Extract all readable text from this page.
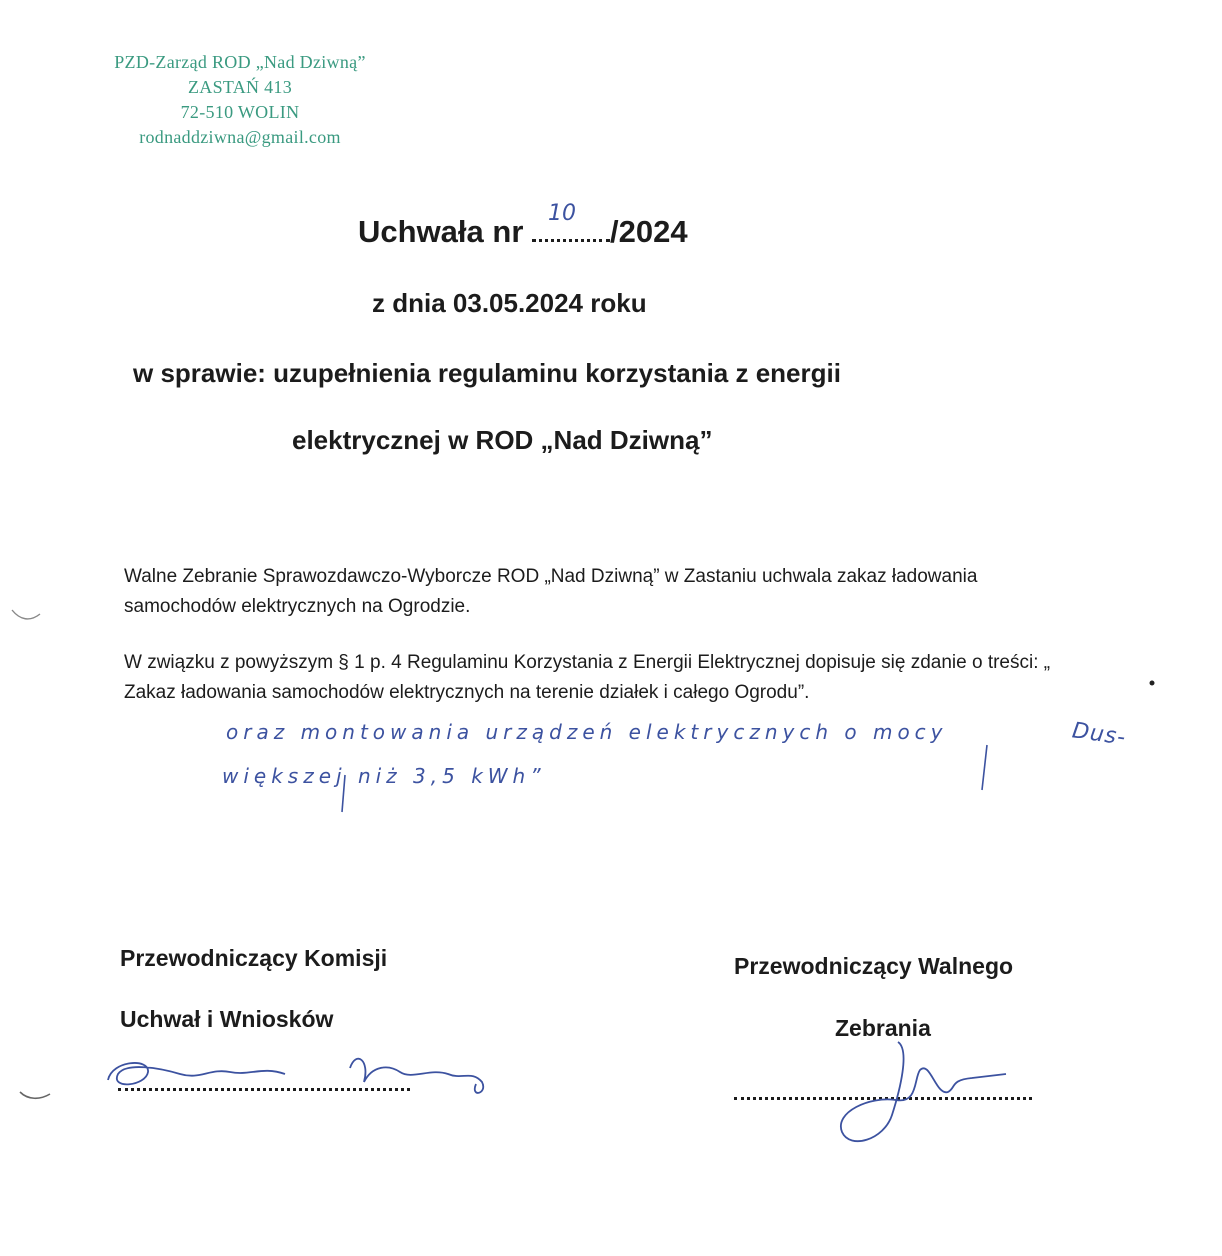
PZD-Zarząd ROD „Nad Dziwną”
ZASTAŃ 413
72-510 WOLIN
rodnaddziwna@gmail.com
Uchwała nr
10
/2024
z dnia 03.05.2024 roku
w sprawie: uzupełnienia regulaminu korzystania z energii
elektrycznej w ROD „Nad Dziwną”
Walne Zebranie Sprawozdawczo-Wyborcze ROD „Nad Dziwną” w Zastaniu uchwala zakaz ładowania samochodów elektrycznych na Ogrodzie.
W związku z powyższym § 1 p. 4 Regulaminu Korzystania z Energii Elektrycznej dopisuje się zdanie o treści: „ Zakaz ładowania samochodów elektrycznych na terenie działek i całego Ogrodu”.
oraz montowania urządzeń elektrycznych o mocy
większej niż 3,5 kWh”
Dus-
Przewodniczący Komisji
Uchwał i Wniosków
Przewodniczący Walnego
Zebrania
